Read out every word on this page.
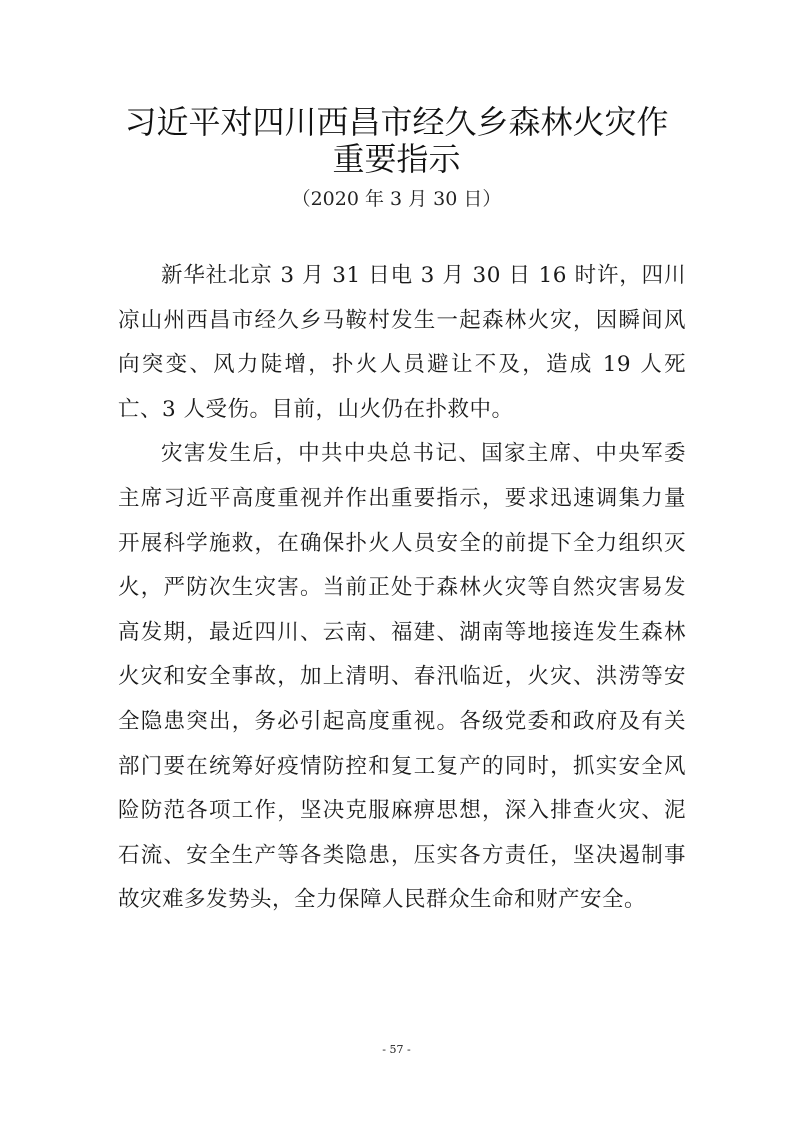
习近平对四川西昌市经久乡森林火灾作
重要指示
（2020 年 3 月 30 日）

新华社北京 3 月 31 日电 3 月 30 日 16 时许，四川凉山州西昌市经久乡马鞍村发生一起森林火灾，因瞬间风向突变、风力陡增，扑火人员避让不及，造成 19 人死亡、3 人受伤。目前，山火仍在扑救中。

灾害发生后，中共中央总书记、国家主席、中央军委主席习近平高度重视并作出重要指示，要求迅速调集力量开展科学施救，在确保扑火人员安全的前提下全力组织灭火，严防次生灾害。当前正处于森林火灾等自然灾害易发高发期，最近四川、云南、福建、湖南等地接连发生森林火灾和安全事故，加上清明、春汛临近，火灾、洪涝等安全隐患突出，务必引起高度重视。各级党委和政府及有关部门要在统筹好疫情防控和复工复产的同时，抓实安全风险防范各项工作，坚决克服麻痹思想，深入排查火灾、泥石流、安全生产等各类隐患，压实各方责任，坚决遏制事故灾难多发势头，全力保障人民群众生命和财产安全。

- 57 -
